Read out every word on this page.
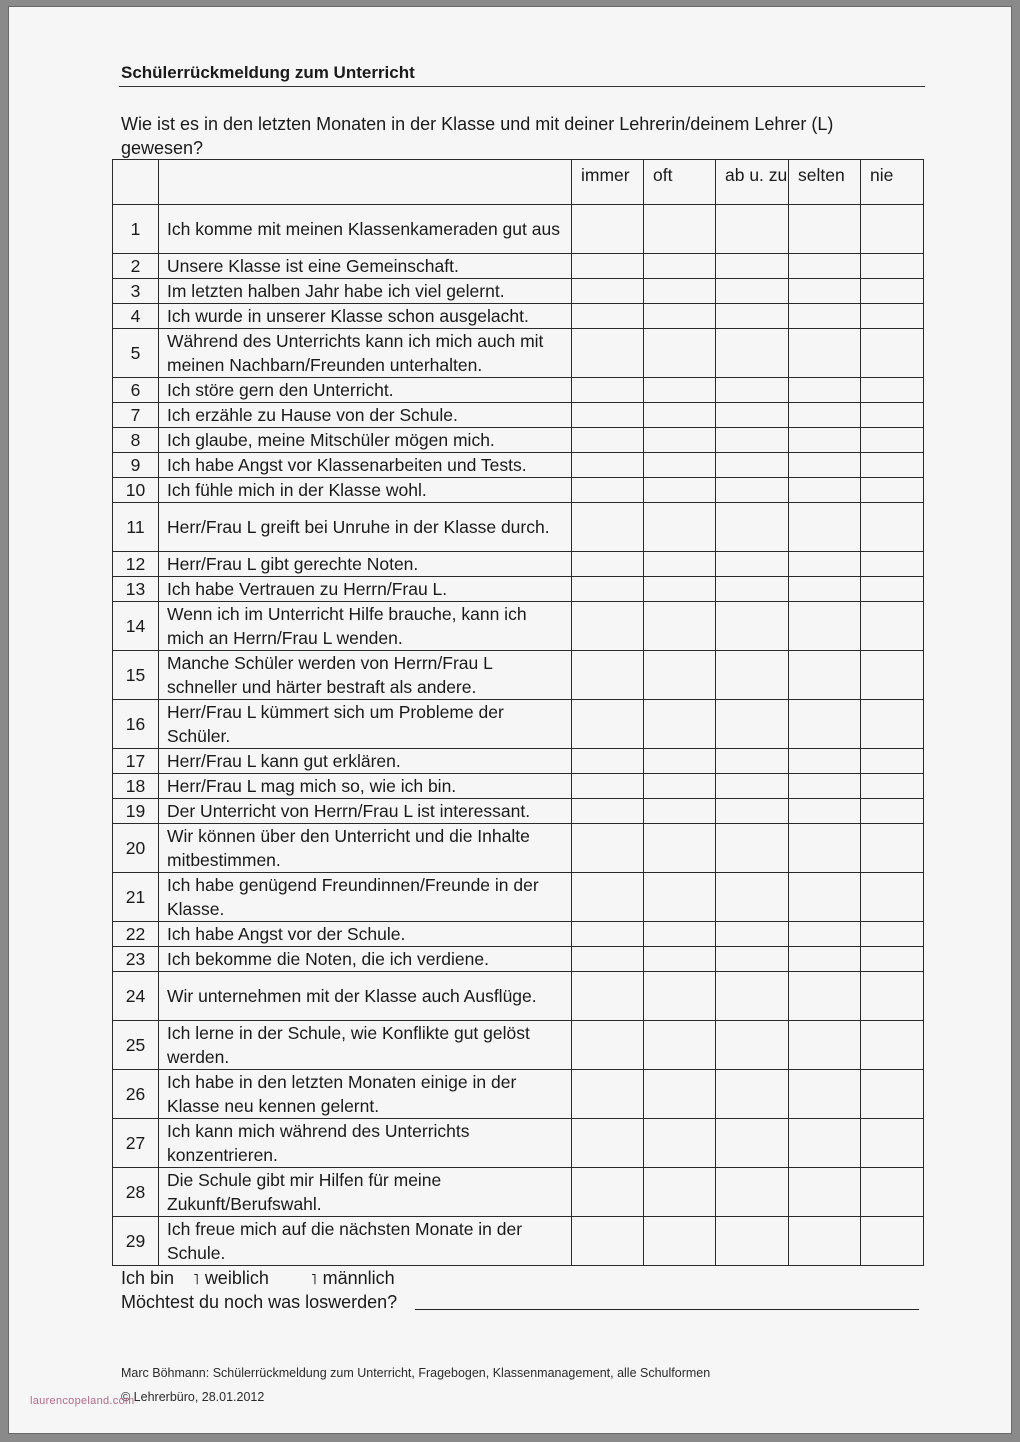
Schülerrückmeldung zum Unterricht
Wie ist es in den letzten Monaten in der Klasse und mit deiner Lehrerin/deinem Lehrer (L) gewesen?
		immer	oft	ab u. zu	selten	nie
1	Ich komme mit meinen Klassenkameraden gut aus					
2	Unsere Klasse ist eine Gemeinschaft.					
3	Im letzten halben Jahr habe ich viel gelernt.					
4	Ich wurde in unserer Klasse schon ausgelacht.					
5	Während des Unterrichts kann ich mich auch mit meinen Nachbarn/Freunden unterhalten.					
6	Ich störe gern den Unterricht.					
7	Ich erzähle zu Hause von der Schule.					
8	Ich glaube, meine Mitschüler mögen mich.					
9	Ich habe Angst vor Klassenarbeiten und Tests.					
10	Ich fühle mich in der Klasse wohl.					
11	Herr/Frau L greift bei Unruhe in der Klasse durch.					
12	Herr/Frau L gibt gerechte Noten.					
13	Ich habe Vertrauen zu Herrn/Frau L.					
14	Wenn ich im Unterricht Hilfe brauche, kann ich mich an Herrn/Frau L wenden.					
15	Manche Schüler werden von Herrn/Frau L schneller und härter bestraft als andere.					
16	Herr/Frau L kümmert sich um Probleme der Schüler.					
17	Herr/Frau L kann gut erklären.					
18	Herr/Frau L mag mich so, wie ich bin.					
19	Der Unterricht von Herrn/Frau L ist interessant.					
20	Wir können über den Unterricht und die Inhalte mitbestimmen.					
21	Ich habe genügend Freundinnen/Freunde in der Klasse.					
22	Ich habe Angst vor der Schule.					
23	Ich bekomme die Noten, die ich verdiene.					
24	Wir unternehmen mit der Klasse auch Ausflüge.					
25	Ich lerne in der Schule, wie Konflikte gut gelöst werden.					
26	Ich habe in den letzten Monaten einige in der Klasse neu kennen gelernt.					
27	Ich kann mich während des Unterrichts konzentrieren.					
28	Die Schule gibt mir Hilfen für meine Zukunft/Berufswahl.					
29	Ich freue mich auf die nächsten Monate in der Schule.					
Ich bin ˥ weiblich	˥ männlich
Möchtest du noch was loswerden?
Marc Böhmann: Schülerrückmeldung zum Unterricht, Fragebogen, Klassenmanagement, alle Schulformen
© Lehrerbüro, 28.01.2012
laurencopeland.com
